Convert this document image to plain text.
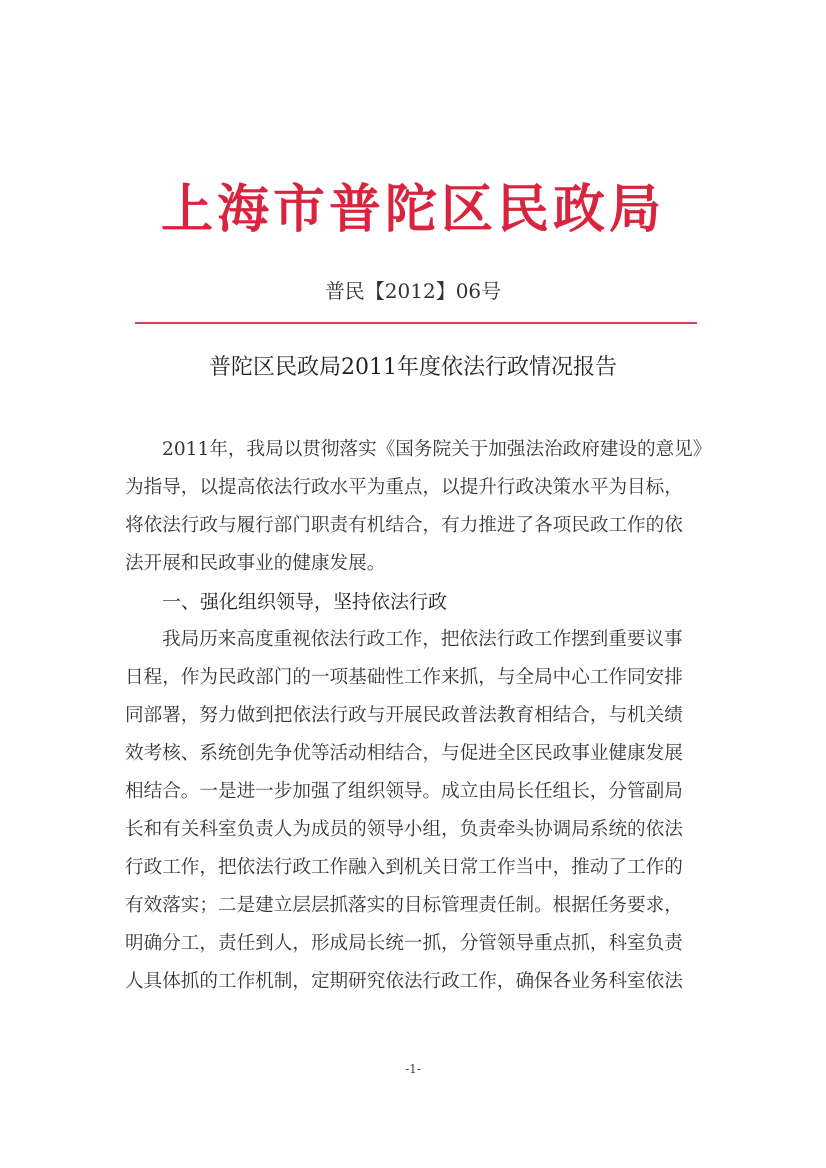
上海市普陀区民政局
普民【2012】06号
普陀区民政局2011年度依法行政情况报告
2011年，我局以贯彻落实《国务院关于加强法治政府建设的意见》
为指导，以提高依法行政水平为重点，以提升行政决策水平为目标，
将依法行政与履行部门职责有机结合，有力推进了各项民政工作的依
法开展和民政事业的健康发展。
一、强化组织领导，坚持依法行政
我局历来高度重视依法行政工作，把依法行政工作摆到重要议事
日程，作为民政部门的一项基础性工作来抓，与全局中心工作同安排
同部署，努力做到把依法行政与开展民政普法教育相结合，与机关绩
效考核、系统创先争优等活动相结合，与促进全区民政事业健康发展
相结合。一是进一步加强了组织领导。成立由局长任组长，分管副局
长和有关科室负责人为成员的领导小组，负责牵头协调局系统的依法
行政工作，把依法行政工作融入到机关日常工作当中，推动了工作的
有效落实；二是建立层层抓落实的目标管理责任制。根据任务要求，
明确分工，责任到人，形成局长统一抓，分管领导重点抓，科室负责
人具体抓的工作机制，定期研究依法行政工作，确保各业务科室依法
-1-
